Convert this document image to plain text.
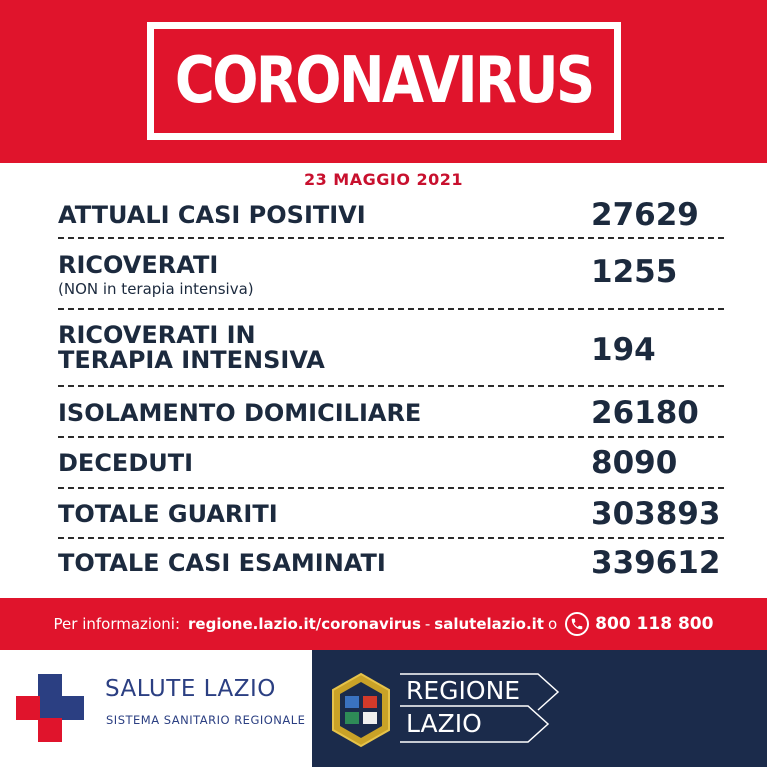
CORONAVIRUS
23 MAGGIO 2021
ATTUALI CASI POSITIVI	27629
RICOVERATI
(NON in terapia intensiva)	1255
RICOVERATI IN
TERAPIA INTENSIVA	194
ISOLAMENTO DOMICILIARE	26180
DECEDUTI	8090
TOTALE GUARITI	303893
TOTALE CASI ESAMINATI	339612
Per informazioni: regione.lazio.it/coronavirus - salutelazio.it o 800 118 800
SALUTE LAZIO
SISTEMA SANITARIO REGIONALE
REGIONE
LAZIO
